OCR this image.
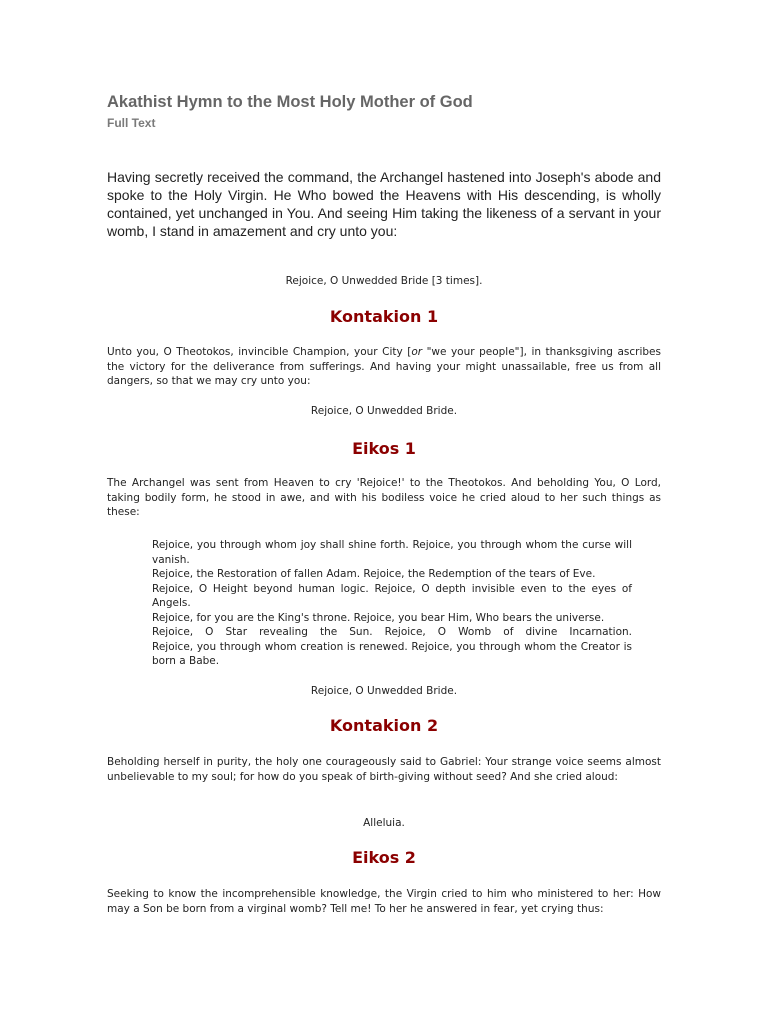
Akathist Hymn to the Most Holy Mother of God
Full Text

Having secretly received the command, the Archangel hastened into Joseph's abode and spoke to the Holy Virgin. He Who bowed the Heavens with His descending, is wholly contained, yet unchanged in You. And seeing Him taking the likeness of a servant in your womb, I stand in amazement and cry unto you:

Rejoice, O Unwedded Bride [3 times].

Kontakion 1

Unto you, O Theotokos, invincible Champion, your City [or "we your people"], in thanksgiving ascribes the victory for the deliverance from sufferings. And having your might unassailable, free us from all dangers, so that we may cry unto you:

Rejoice, O Unwedded Bride.

Eikos 1

The Archangel was sent from Heaven to cry 'Rejoice!' to the Theotokos. And beholding You, O Lord, taking bodily form, he stood in awe, and with his bodiless voice he cried aloud to her such things as these:

Rejoice, you through whom joy shall shine forth. Rejoice, you through whom the curse will vanish.
Rejoice, the Restoration of fallen Adam. Rejoice, the Redemption of the tears of Eve.
Rejoice, O Height beyond human logic. Rejoice, O depth invisible even to the eyes of Angels.
Rejoice, for you are the King's throne. Rejoice, you bear Him, Who bears the universe.
Rejoice, O Star revealing the Sun. Rejoice, O Womb of divine Incarnation.
Rejoice, you through whom creation is renewed. Rejoice, you through whom the Creator is born a Babe.

Rejoice, O Unwedded Bride.

Kontakion 2

Beholding herself in purity, the holy one courageously said to Gabriel: Your strange voice seems almost unbelievable to my soul; for how do you speak of birth-giving without seed? And she cried aloud:

Alleluia.

Eikos 2

Seeking to know the incomprehensible knowledge, the Virgin cried to him who ministered to her: How may a Son be born from a virginal womb? Tell me! To her he answered in fear, yet crying thus:
